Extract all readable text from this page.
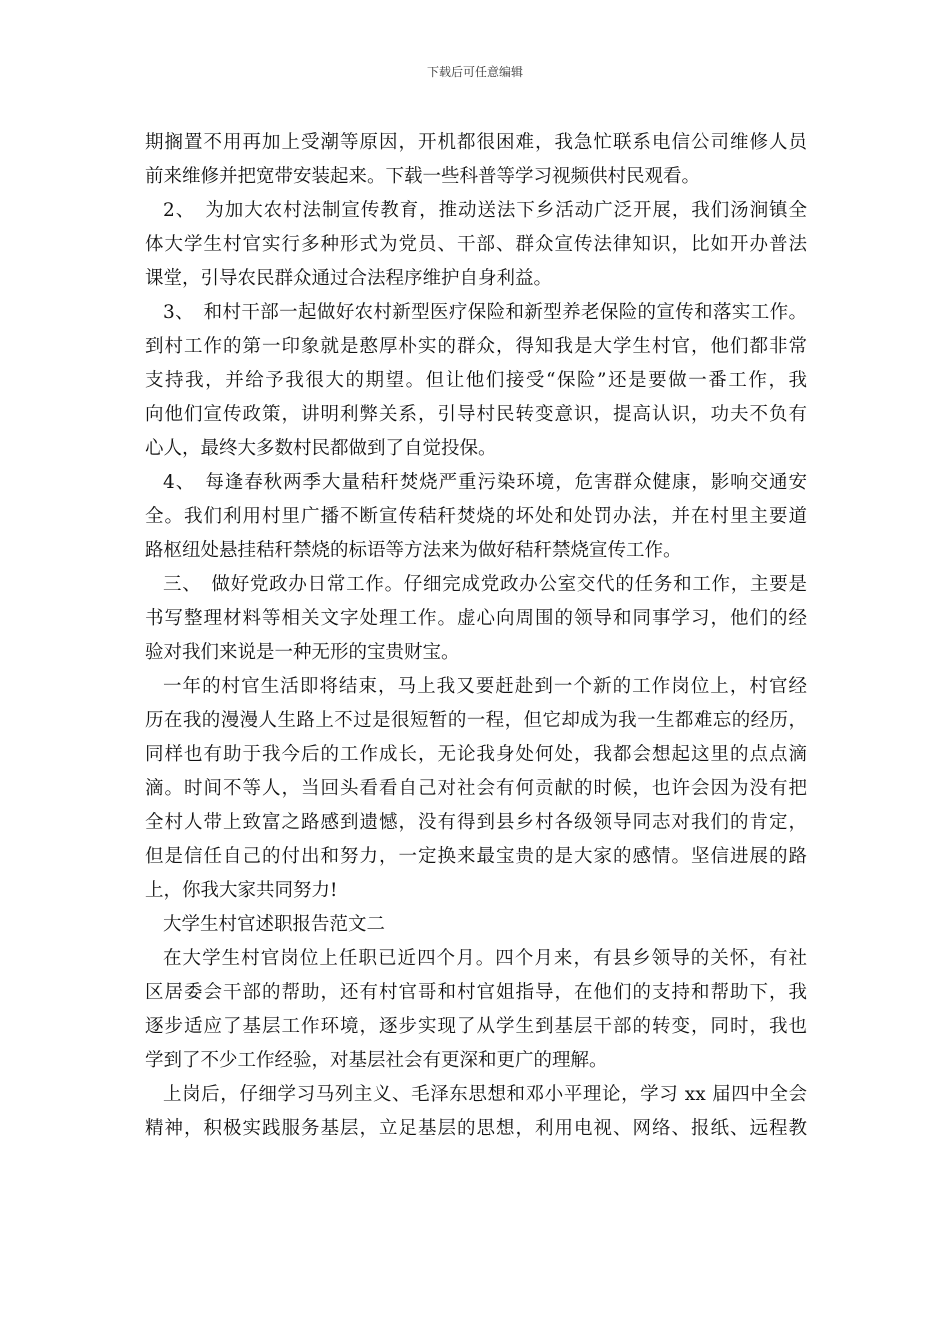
下载后可任意编辑
期搁置不用再加上受潮等原因，开机都很困难，我急忙联系电信公司维修人员
前来维修并把宽带安装起来。下载一些科普等学习视频供村民观看。
2、　为加大农村法制宣传教育，推动送法下乡活动广泛开展，我们汤涧镇全
体大学生村官实行多种形式为党员、干部、群众宣传法律知识，比如开办普法
课堂，引导农民群众通过合法程序维护自身利益。
3、　和村干部一起做好农村新型医疗保险和新型养老保险的宣传和落实工作。
到村工作的第一印象就是憨厚朴实的群众，得知我是大学生村官，他们都非常
支持我，并给予我很大的期望。但让他们接受“保险”还是要做一番工作，我
向他们宣传政策，讲明利弊关系，引导村民转变意识，提高认识，功夫不负有
心人，最终大多数村民都做到了自觉投保。
4、　每逢春秋两季大量秸秆焚烧严重污染环境，危害群众健康，影响交通安
全。我们利用村里广播不断宣传秸秆焚烧的坏处和处罚办法，并在村里主要道
路枢纽处悬挂秸秆禁烧的标语等方法来为做好秸秆禁烧宣传工作。
三、　做好党政办日常工作。仔细完成党政办公室交代的任务和工作，主要是
书写整理材料等相关文字处理工作。虚心向周围的领导和同事学习，他们的经
验对我们来说是一种无形的宝贵财宝。
一年的村官生活即将结束，马上我又要赶赴到一个新的工作岗位上，村官经
历在我的漫漫人生路上不过是很短暂的一程，但它却成为我一生都难忘的经历，
同样也有助于我今后的工作成长，无论我身处何处，我都会想起这里的点点滴
滴。时间不等人，当回头看看自己对社会有何贡献的时候，也许会因为没有把
全村人带上致富之路感到遗憾，没有得到县乡村各级领导同志对我们的肯定，
但是信任自己的付出和努力，一定换来最宝贵的是大家的感情。坚信进展的路
上，你我大家共同努力!
大学生村官述职报告范文二
在大学生村官岗位上任职已近四个月。四个月来，有县乡领导的关怀，有社
区居委会干部的帮助，还有村官哥和村官姐指导，在他们的支持和帮助下，我
逐步适应了基层工作环境，逐步实现了从学生到基层干部的转变，同时，我也
学到了不少工作经验，对基层社会有更深和更广的理解。
上岗后，仔细学习马列主义、毛泽东思想和邓小平理论，学习 xx 届四中全会
精神，积极实践服务基层，立足基层的思想，利用电视、网络、报纸、远程教
